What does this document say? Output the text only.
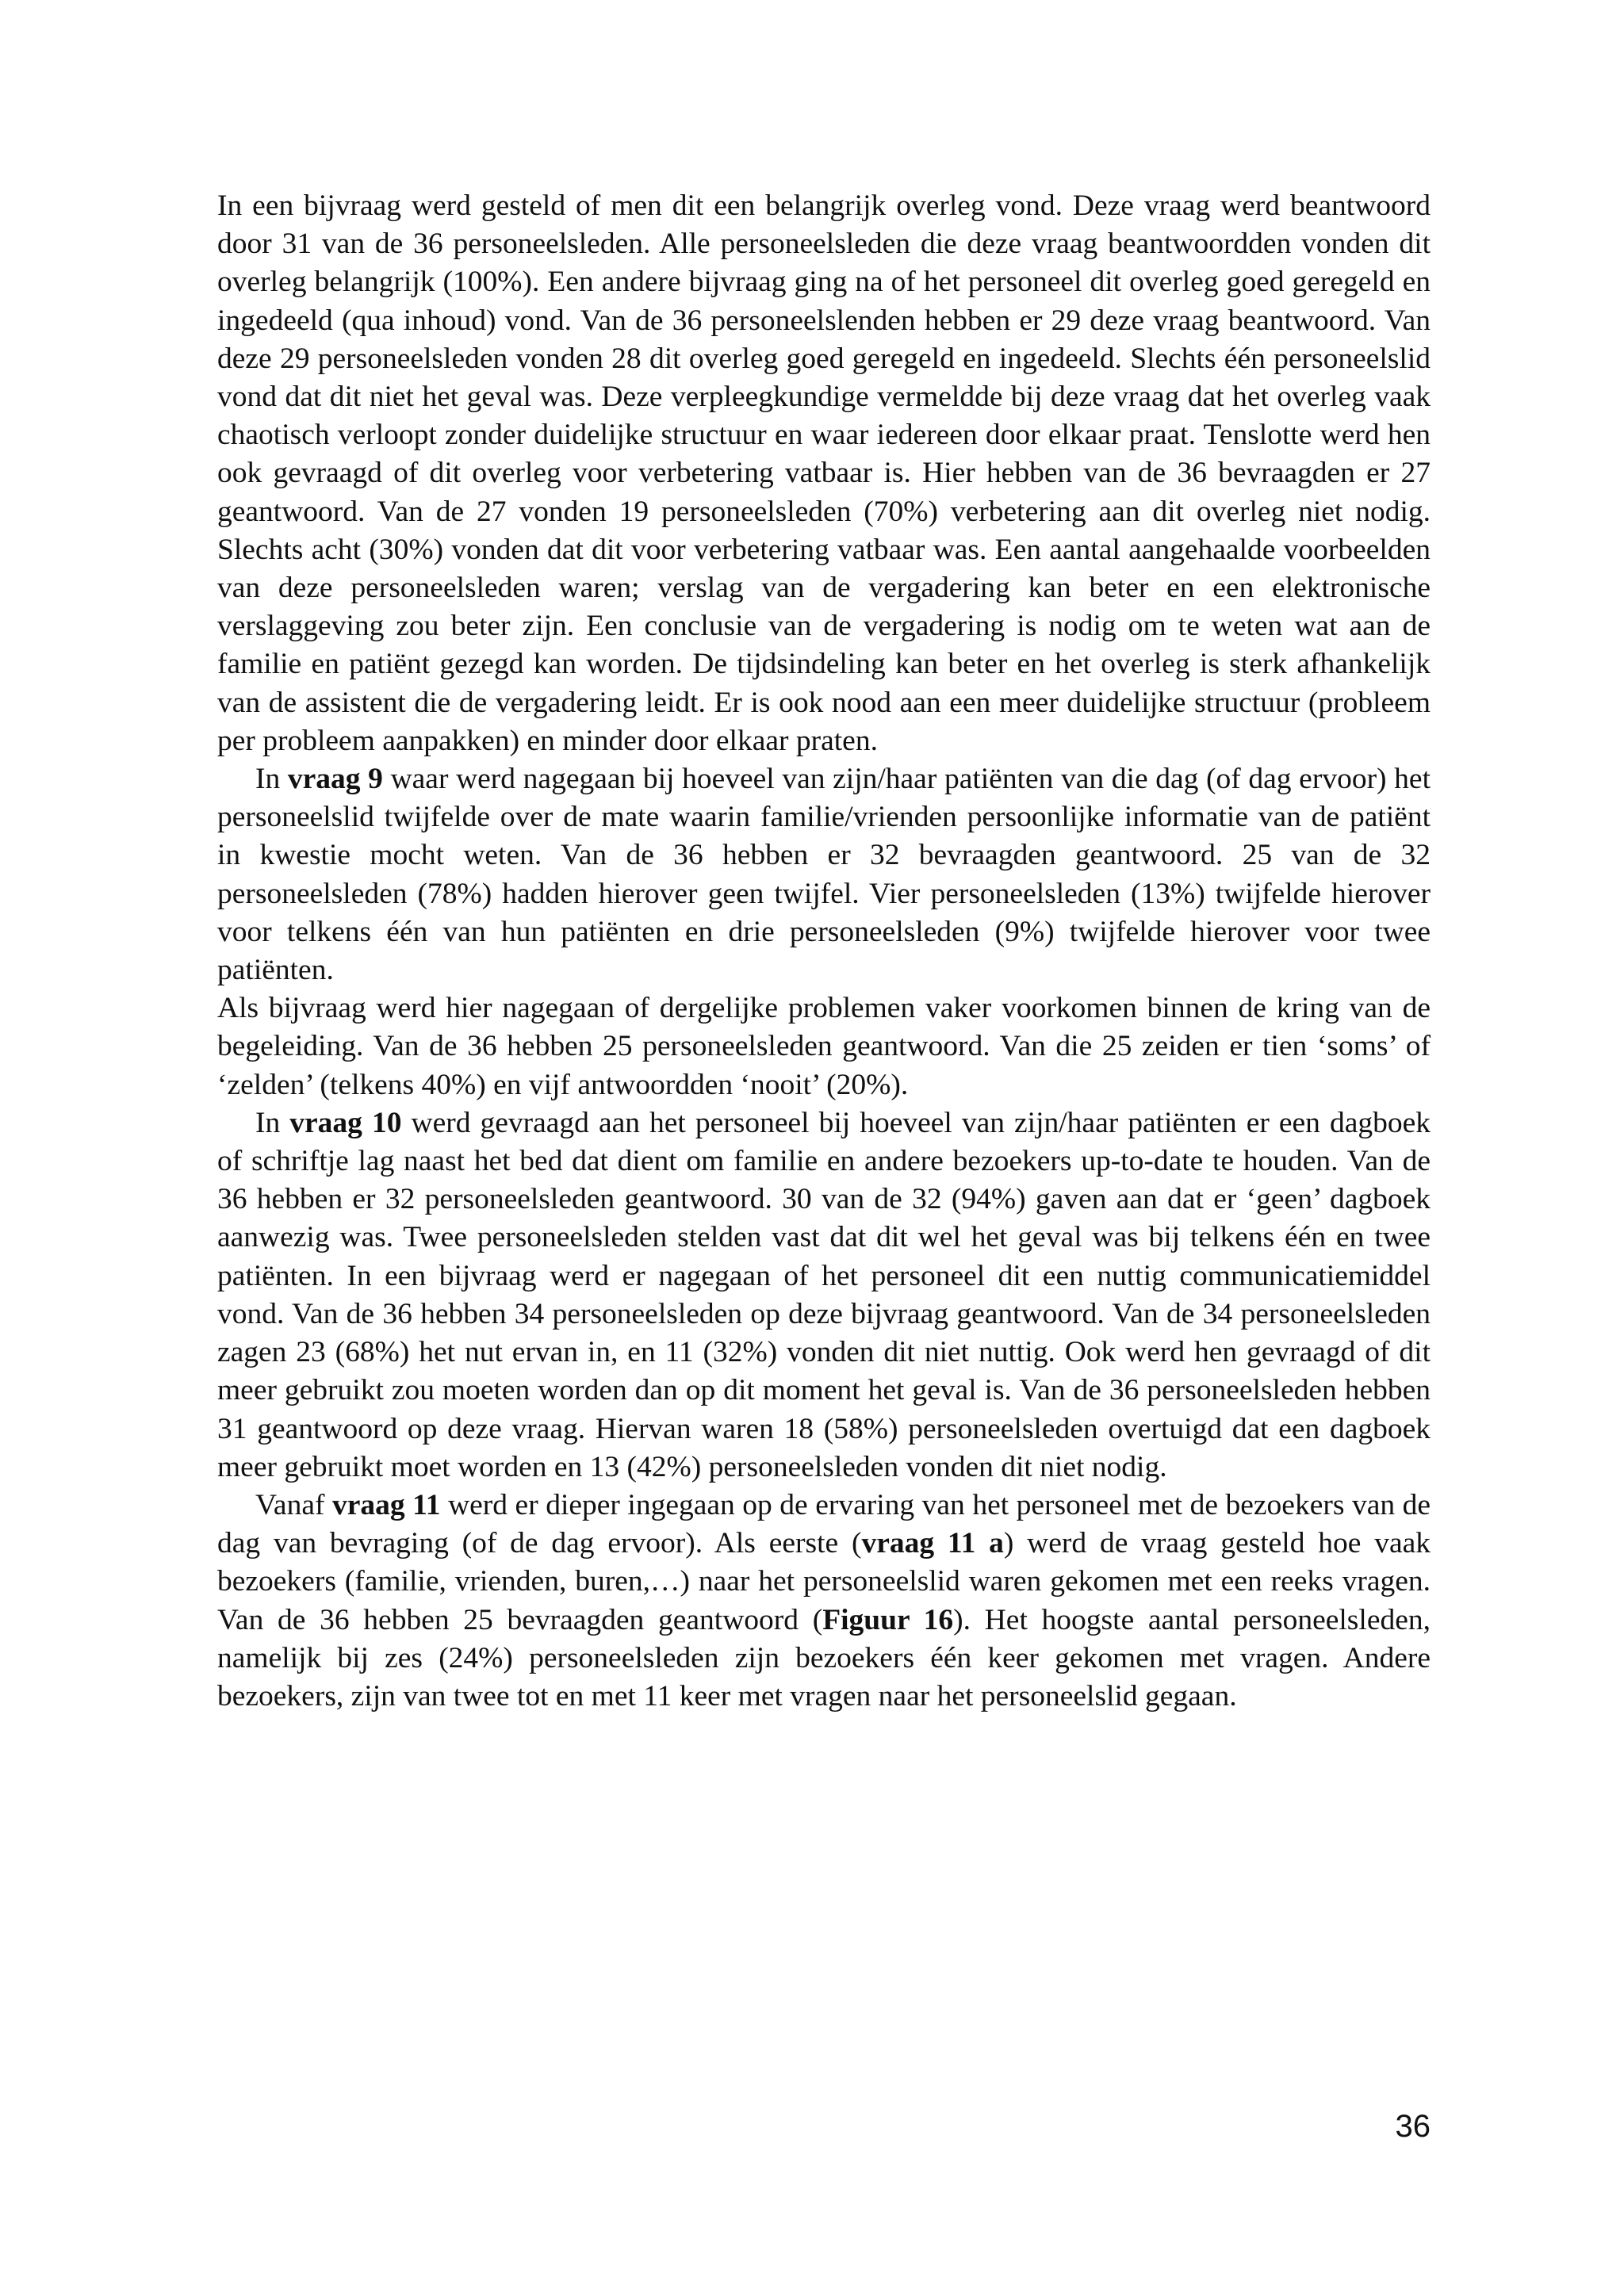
In een bijvraag werd gesteld of men dit een belangrijk overleg vond. Deze vraag werd beantwoord door 31 van de 36 personeelsleden. Alle personeelsleden die deze vraag beantwoordden vonden dit overleg belangrijk (100%). Een andere bijvraag ging na of het personeel dit overleg goed geregeld en ingedeeld (qua inhoud) vond. Van de 36 personeelslenden hebben er 29 deze vraag beantwoord. Van deze 29 personeelsleden vonden 28 dit overleg goed geregeld en ingedeeld. Slechts één personeelslid vond dat dit niet het geval was. Deze verpleegkundige vermeldde bij deze vraag dat het overleg vaak chaotisch verloopt zonder duidelijke structuur en waar iedereen door elkaar praat. Tenslotte werd hen ook gevraagd of dit overleg voor verbetering vatbaar is. Hier hebben van de 36 bevraagden er 27 geantwoord. Van de 27 vonden 19 personeelsleden (70%) verbetering aan dit overleg niet nodig. Slechts acht (30%) vonden dat dit voor verbetering vatbaar was. Een aantal aangehaalde voorbeelden van deze personeelsleden waren; verslag van de vergadering kan beter en een elektronische verslaggeving zou beter zijn. Een conclusie van de vergadering is nodig om te weten wat aan de familie en patiënt gezegd kan worden. De tijdsindeling kan beter en het overleg is sterk afhankelijk van de assistent die de vergadering leidt. Er is ook nood aan een meer duidelijke structuur (probleem per probleem aanpakken) en minder door elkaar praten.

In vraag 9 waar werd nagegaan bij hoeveel van zijn/haar patiënten van die dag (of dag ervoor) het personeelslid twijfelde over de mate waarin familie/vrienden persoonlijke informatie van de patiënt in kwestie mocht weten. Van de 36 hebben er 32 bevraagden geantwoord. 25 van de 32 personeelsleden (78%) hadden hierover geen twijfel. Vier personeelsleden (13%) twijfelde hierover voor telkens één van hun patiënten en drie personeelsleden (9%) twijfelde hierover voor twee patiënten.

Als bijvraag werd hier nagegaan of dergelijke problemen vaker voorkomen binnen de kring van de begeleiding. Van de 36 hebben 25 personeelsleden geantwoord. Van die 25 zeiden er tien ‘soms’ of ‘zelden’ (telkens 40%) en vijf antwoordden ‘nooit’ (20%).

In vraag 10 werd gevraagd aan het personeel bij hoeveel van zijn/haar patiënten er een dagboek of schriftje lag naast het bed dat dient om familie en andere bezoekers up-to-date te houden. Van de 36 hebben er 32 personeelsleden geantwoord. 30 van de 32 (94%) gaven aan dat er ‘geen’ dagboek aanwezig was. Twee personeelsleden stelden vast dat dit wel het geval was bij telkens één en twee patiënten. In een bijvraag werd er nagegaan of het personeel dit een nuttig communicatiemiddel vond. Van de 36 hebben 34 personeelsleden op deze bijvraag geantwoord. Van de 34 personeelsleden zagen 23 (68%) het nut ervan in, en 11 (32%) vonden dit niet nuttig. Ook werd hen gevraagd of dit meer gebruikt zou moeten worden dan op dit moment het geval is. Van de 36 personeelsleden hebben 31 geantwoord op deze vraag. Hiervan waren 18 (58%) personeelsleden overtuigd dat een dagboek meer gebruikt moet worden en 13 (42%) personeelsleden vonden dit niet nodig.

Vanaf vraag 11 werd er dieper ingegaan op de ervaring van het personeel met de bezoekers van de dag van bevraging (of de dag ervoor). Als eerste (vraag 11 a) werd de vraag gesteld hoe vaak bezoekers (familie, vrienden, buren,…) naar het personeelslid waren gekomen met een reeks vragen. Van de 36 hebben 25 bevraagden geantwoord (Figuur 16). Het hoogste aantal personeelsleden, namelijk bij zes (24%) personeelsleden zijn bezoekers één keer gekomen met vragen. Andere bezoekers, zijn van twee tot en met 11 keer met vragen naar het personeelslid gegaan.

36
